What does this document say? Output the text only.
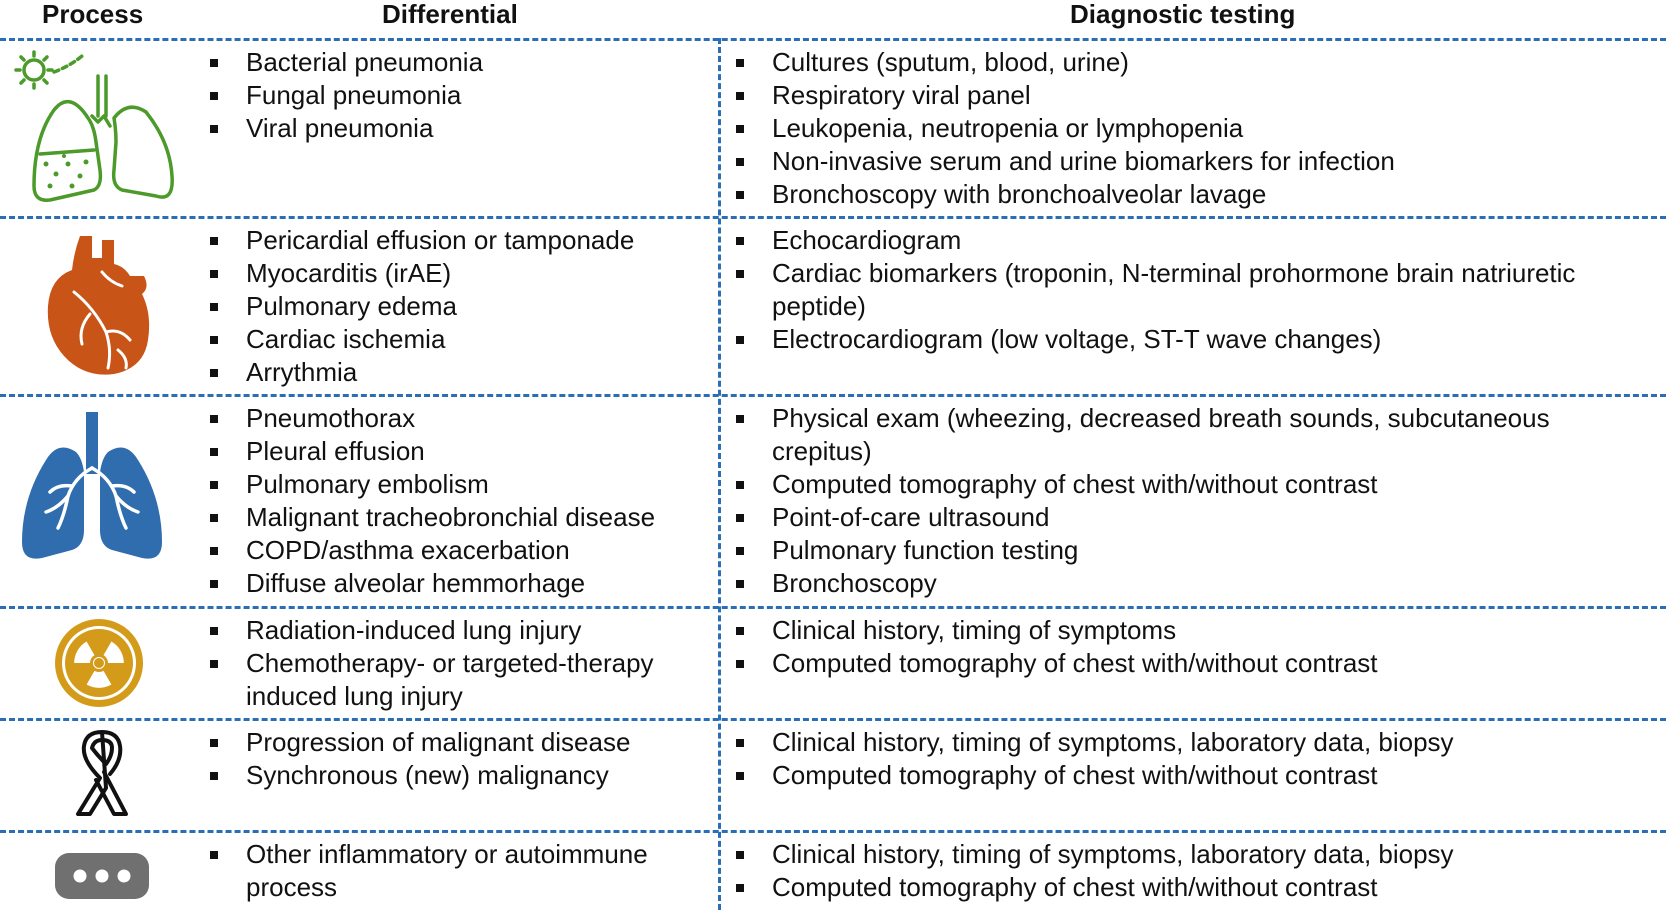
Process	Differential	Diagnostic testing
Bacterial pneumonia
Fungal pneumonia
Viral pneumonia
Cultures (sputum, blood, urine)
Respiratory viral panel
Leukopenia, neutropenia or lymphopenia
Non-invasive serum and urine biomarkers for infection
Bronchoscopy with bronchoalveolar lavage
Pericardial effusion or tamponade
Myocarditis (irAE)
Pulmonary edema
Cardiac ischemia
Arrythmia
Echocardiogram
Cardiac biomarkers (troponin, N-terminal prohormone brain natriuretic
peptide)
Electrocardiogram (low voltage, ST-T wave changes)
Pneumothorax
Pleural effusion
Pulmonary embolism
Malignant tracheobronchial disease
COPD/asthma exacerbation
Diffuse alveolar hemmorhage
Physical exam (wheezing, decreased breath sounds, subcutaneous
crepitus)
Computed tomography of chest with/without contrast
Point-of-care ultrasound
Pulmonary function testing
Bronchoscopy
Radiation-induced lung injury
Chemotherapy- or targeted-therapy
induced lung injury
Clinical history, timing of symptoms
Computed tomography of chest with/without contrast
Progression of malignant disease
Synchronous (new) malignancy
Clinical history, timing of symptoms, laboratory data, biopsy
Computed tomography of chest with/without contrast
Other inflammatory or autoimmune
process
Clinical history, timing of symptoms, laboratory data, biopsy
Computed tomography of chest with/without contrast
